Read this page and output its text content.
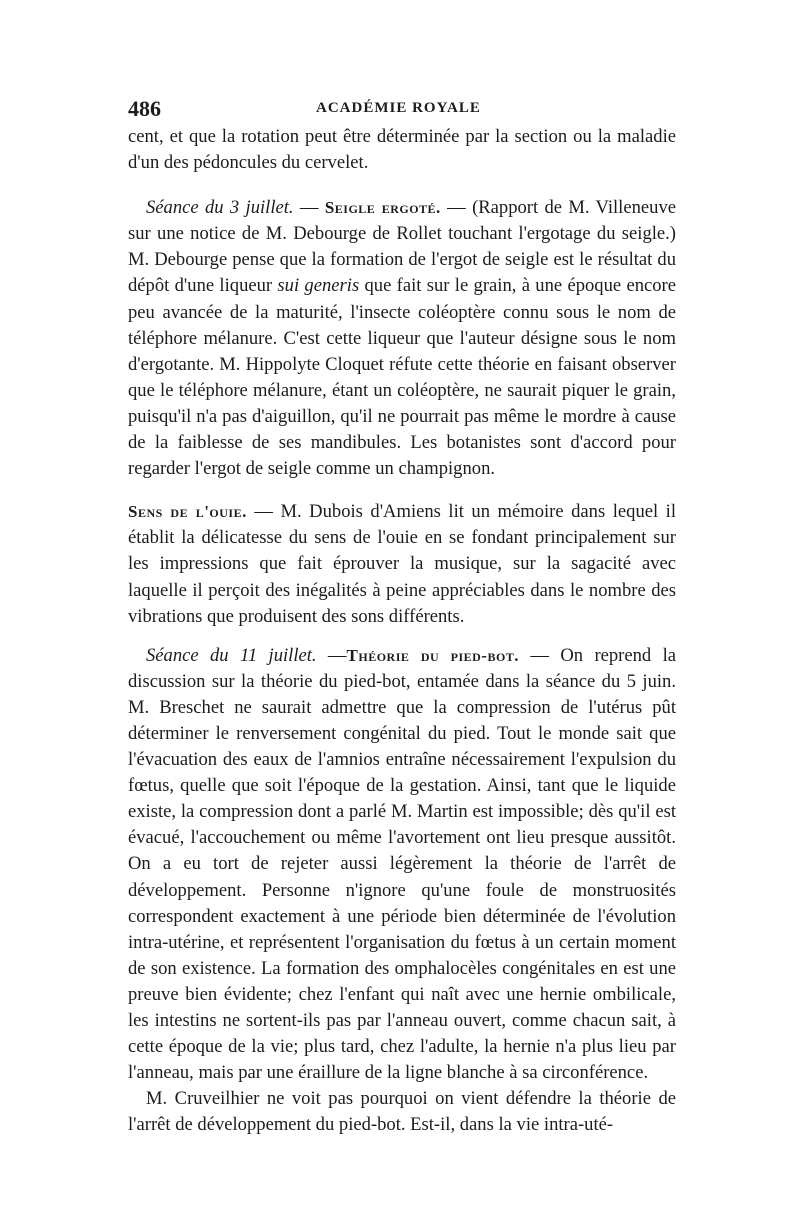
486	ACADÉMIE ROYALE

cent, et que la rotation peut être déterminée par la section ou la maladie d'un des pédoncules du cervelet.

Séance du 3 juillet. — Seigle ergoté. — (Rapport de M. Villeneuve sur une notice de M. Debourge de Rollet touchant l'ergotage du seigle.) M. Debourge pense que la formation de l'ergot de seigle est le résultat du dépôt d'une liqueur sui generis que fait sur le grain, à une époque encore peu avancée de la maturité, l'insecte coléoptère connu sous le nom de téléphore mélanure. C'est cette liqueur que l'auteur désigne sous le nom d'ergotante. M. Hippolyte Cloquet réfute cette théorie en faisant observer que le téléphore mélanure, étant un coléoptère, ne saurait piquer le grain, puisqu'il n'a pas d'aiguillon, qu'il ne pourrait pas même le mordre à cause de la faiblesse de ses mandibules. Les botanistes sont d'accord pour regarder l'ergot de seigle comme un champignon.

Sens de l'ouie. — M. Dubois d'Amiens lit un mémoire dans lequel il établit la délicatesse du sens de l'ouie en se fondant principalement sur les impressions que fait éprouver la musique, sur la sagacité avec laquelle il perçoit des inégalités à peine appréciables dans le nombre des vibrations que produisent des sons différents.

Séance du 11 juillet. —Théorie du pied-bot. — On reprend la discussion sur la théorie du pied-bot, entamée dans la séance du 5 juin. M. Breschet ne saurait admettre que la compression de l'utérus pût déterminer le renversement congénital du pied. Tout le monde sait que l'évacuation des eaux de l'amnios entraîne nécessairement l'expulsion du fœtus, quelle que soit l'époque de la gestation. Ainsi, tant que le liquide existe, la compression dont a parlé M. Martin est impossible; dès qu'il est évacué, l'accouchement ou même l'avortement ont lieu presque aussitôt. On a eu tort de rejeter aussi légèrement la théorie de l'arrêt de développement. Personne n'ignore qu'une foule de monstruosités correspondent exactement à une période bien déterminée de l'évolution intra-utérine, et représentent l'organisation du fœtus à un certain moment de son existence. La formation des omphalocèles congénitales en est une preuve bien évidente; chez l'enfant qui naît avec une hernie ombilicale, les intestins ne sortent-ils pas par l'anneau ouvert, comme chacun sait, à cette époque de la vie; plus tard, chez l'adulte, la hernie n'a plus lieu par l'anneau, mais par une éraillure de la ligne blanche à sa circonférence.

M. Cruveilhier ne voit pas pourquoi on vient défendre la théorie de l'arrêt de développement du pied-bot. Est-il, dans la vie intra-uté-
